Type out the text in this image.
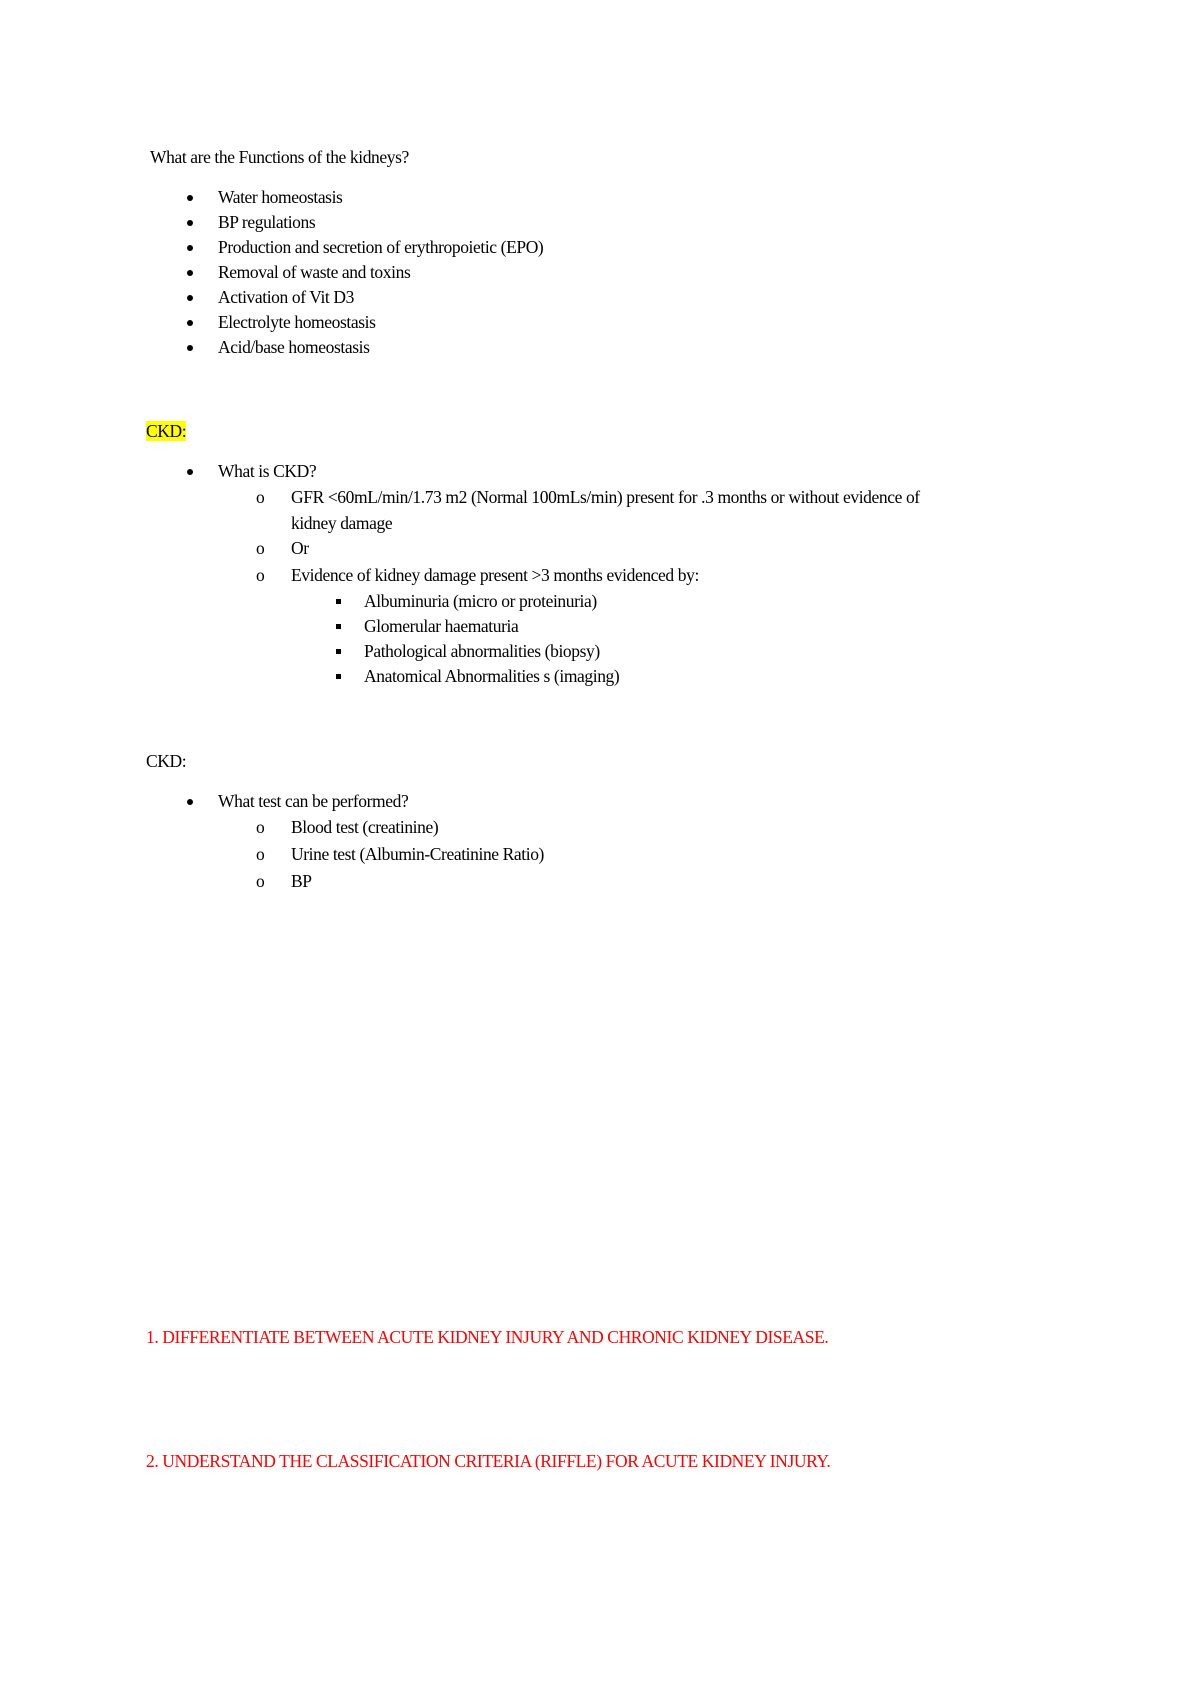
What are the Functions of the kidneys?
Water homeostasis
BP regulations
Production and secretion of erythropoietic (EPO)
Removal of waste and toxins
Activation of Vit D3
Electrolyte homeostasis
Acid/base homeostasis
CKD:
What is CKD?
o GFR <60mL/min/1.73 m2 (Normal 100mLs/min) present for .3 months or without evidence of
kidney damage
o Or
o Evidence of kidney damage present >3 months evidenced by:
Albuminuria (micro or proteinuria)
Glomerular haematuria
Pathological abnormalities (biopsy)
Anatomical Abnormalities s (imaging)
CKD:
What test can be performed?
o Blood test (creatinine)
o Urine test (Albumin-Creatinine Ratio)
o BP
1. DIFFERENTIATE BETWEEN ACUTE KIDNEY INJURY AND CHRONIC KIDNEY DISEASE.
2. UNDERSTAND THE CLASSIFICATION CRITERIA (RIFFLE) FOR ACUTE KIDNEY INJURY.
